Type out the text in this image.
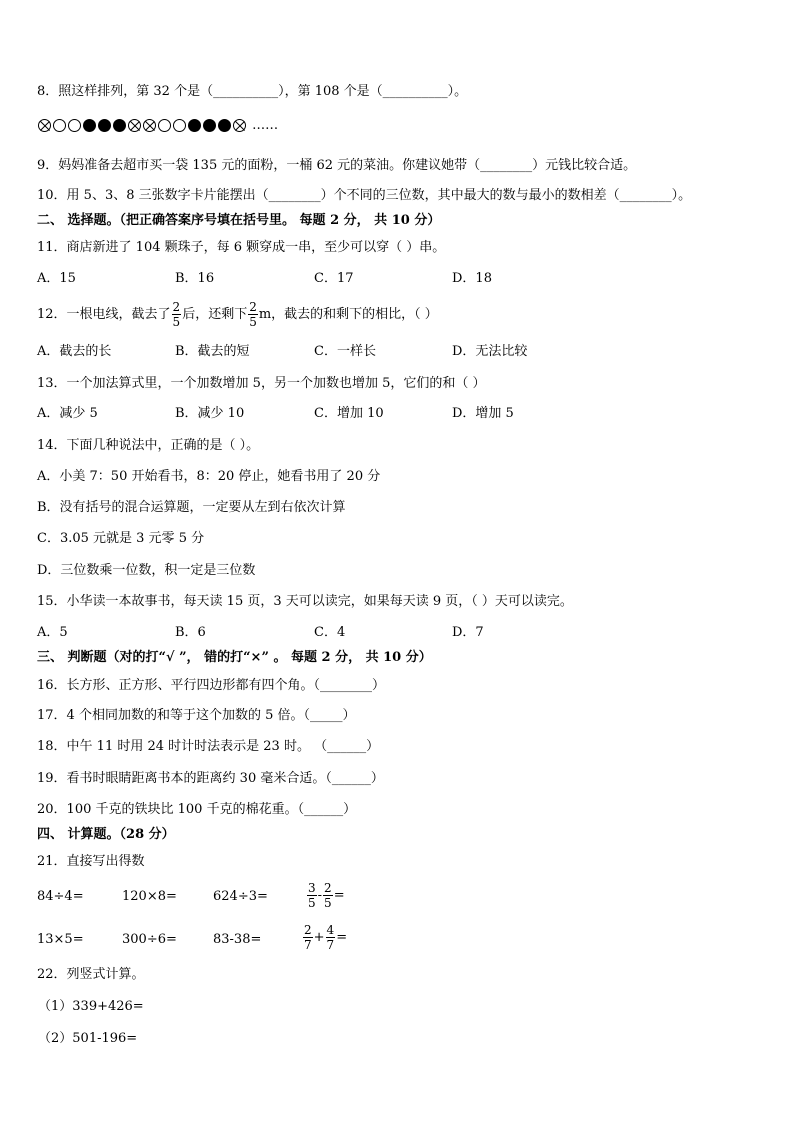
8．照这样排列，第 32 个是（__________），第 108 个是（__________）。
……
9．妈妈准备去超市买一袋 135 元的面粉，一桶 62 元的菜油。你建议她带（________）元钱比较合适。
10．用 5、3、8 三张数字卡片能摆出（________）个不同的三位数，其中最大的数与最小的数相差（________）。
二、 选择题。（把正确答案序号填在括号里。 每题 2 分， 共 10 分）
11．商店新进了 104 颗珠子，每 6 颗穿成一串，至少可以穿（ ）串。
A．15	B．16	C．17	D．18
12．一根电线，截去了 $\frac{2}{5}$ 后，还剩下 $\frac{2}{5}$ m，截去的和剩下的相比，（ ）
A．截去的长	B．截去的短	C．一样长	D．无法比较
13．一个加法算式里，一个加数增加 5，另一个加数也增加 5，它们的和（ ）
A．减少 5	B．减少 10	C．增加 10	D．增加 5
14．下面几种说法中，正确的是（ ）。
A．小美 7：50 开始看书，8：20 停止，她看书用了 20 分
B．没有括号的混合运算题，一定要从左到右依次计算
C．3.05 元就是 3 元零 5 分
D．三位数乘一位数，积一定是三位数
15．小华读一本故事书，每天读 15 页，3 天可以读完，如果每天读 9 页，（ ）天可以读完。
A．5	B．6	C．4	D．7
三、 判断题（对的打“√ ”， 错的打“×” 。 每题 2 分， 共 10 分）
16．长方形、正方形、平行四边形都有四个角。（________）
17．4 个相同加数的和等于这个加数的 5 倍。（_____）
18．中午 11 时用 24 时计时法表示是 23 时。 （______）
19．看书时眼睛距离书本的距离约 30 毫米合适。（______）
20．100 千克的铁块比 100 千克的棉花重。（______）
四、 计算题。（28 分）
21．直接写出得数
84÷4=	120×8=	624÷3=	$\frac{3}{5} - \frac{2}{5}$ =
13×5=	300÷6=	83-38=	$\frac{2}{7} + \frac{4}{7}$ =
22．列竖式计算。
（1）339+426=
（2）501-196=
